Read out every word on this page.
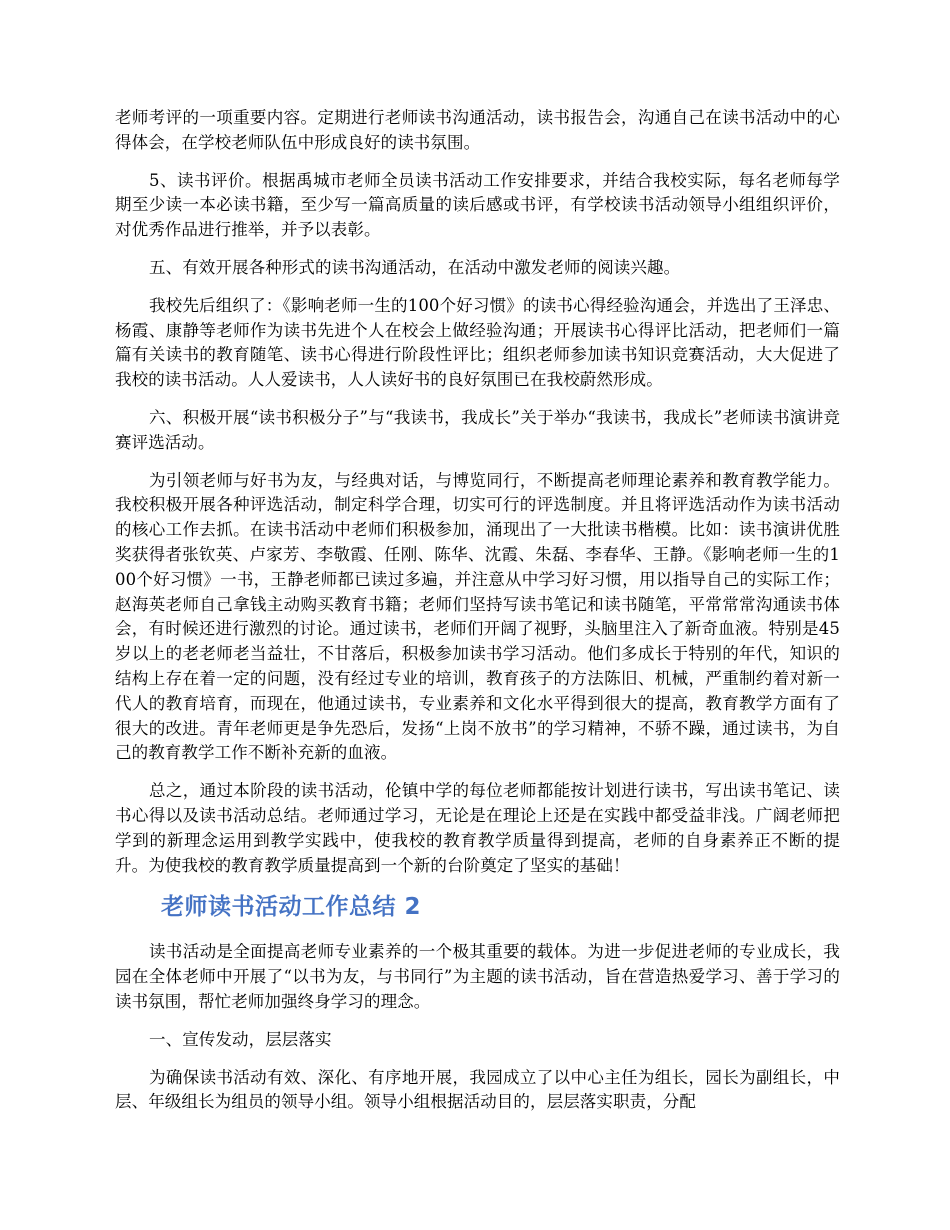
老师考评的一项重要内容。定期进行老师读书沟通活动，读书报告会，沟通自己在读书活动中的心得体会，在学校老师队伍中形成良好的读书氛围。

5、读书评价。根据禹城市老师全员读书活动工作安排要求，并结合我校实际，每名老师每学期至少读一本必读书籍，至少写一篇高质量的读后感或书评，有学校读书活动领导小组组织评价，对优秀作品进行推举，并予以表彰。

五、有效开展各种形式的读书沟通活动，在活动中激发老师的阅读兴趣。

我校先后组织了：《影响老师一生的100个好习惯》的读书心得经验沟通会，并选出了王泽忠、杨霞、康静等老师作为读书先进个人在校会上做经验沟通；开展读书心得评比活动，把老师们一篇篇有关读书的教育随笔、读书心得进行阶段性评比；组织老师参加读书知识竞赛活动，大大促进了我校的读书活动。人人爱读书，人人读好书的良好氛围已在我校蔚然形成。

六、积极开展“读书积极分子”与“我读书，我成长”关于举办“我读书，我成长”老师读书演讲竞赛评选活动。

为引领老师与好书为友，与经典对话，与博览同行，不断提高老师理论素养和教育教学能力。我校积极开展各种评选活动，制定科学合理，切实可行的评选制度。并且将评选活动作为读书活动的核心工作去抓。在读书活动中老师们积极参加，涌现出了一大批读书楷模。比如：读书演讲优胜奖获得者张钦英、卢家芳、李敬霞、任刚、陈华、沈霞、朱磊、李春华、王静。《影响老师一生的100个好习惯》一书，王静老师都已读过多遍，并注意从中学习好习惯，用以指导自己的实际工作；赵海英老师自己拿钱主动购买教育书籍；老师们坚持写读书笔记和读书随笔，平常常常沟通读书体会，有时候还进行激烈的讨论。通过读书，老师们开阔了视野，头脑里注入了新奇血液。特别是45岁以上的老老师老当益壮，不甘落后，积极参加读书学习活动。他们多成长于特别的年代，知识的结构上存在着一定的问题，没有经过专业的培训，教育孩子的方法陈旧、机械，严重制约着对新一代人的教育培育，而现在，他通过读书，专业素养和文化水平得到很大的提高，教育教学方面有了很大的改进。青年老师更是争先恐后，发扬“上岗不放书”的学习精神，不骄不躁，通过读书，为自己的教育教学工作不断补充新的血液。

总之，通过本阶段的读书活动，伦镇中学的每位老师都能按计划进行读书，写出读书笔记、读书心得以及读书活动总结。老师通过学习，无论是在理论上还是在实践中都受益非浅。广阔老师把学到的新理念运用到教学实践中，使我校的教育教学质量得到提高，老师的自身素养正不断的提升。为使我校的教育教学质量提高到一个新的台阶奠定了坚实的基础！

老师读书活动工作总结 2

读书活动是全面提高老师专业素养的一个极其重要的载体。为进一步促进老师的专业成长，我园在全体老师中开展了“以书为友，与书同行”为主题的读书活动，旨在营造热爱学习、善于学习的读书氛围，帮忙老师加强终身学习的理念。

一、宣传发动，层层落实

为确保读书活动有效、深化、有序地开展，我园成立了以中心主任为组长，园长为副组长，中层、年级组长为组员的领导小组。领导小组根据活动目的，层层落实职责，分配
